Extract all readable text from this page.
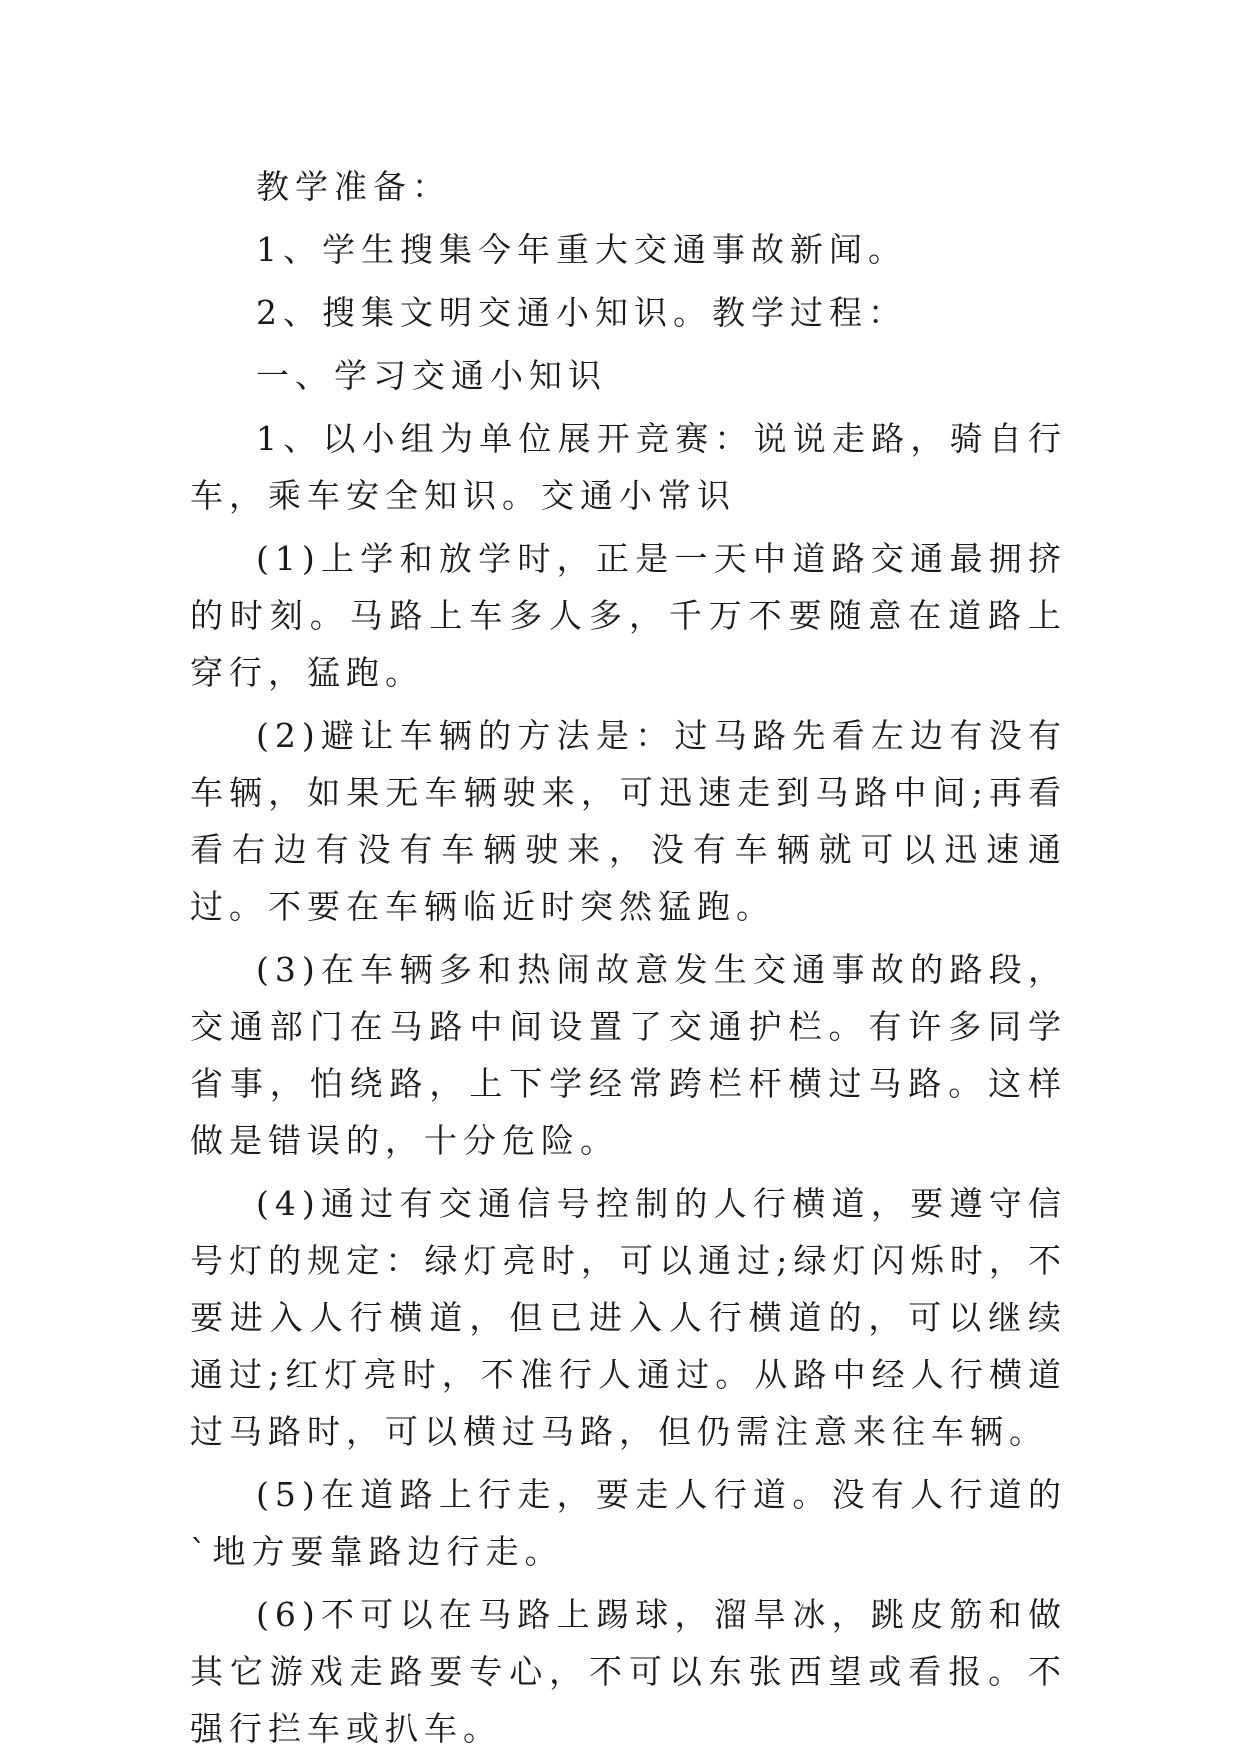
教学准备：

1、学生搜集今年重大交通事故新闻。

2、搜集文明交通小知识。教学过程：

一、学习交通小知识

1、以小组为单位展开竞赛：说说走路，骑自行车，乘车安全知识。交通小常识

(1)上学和放学时，正是一天中道路交通最拥挤的时刻。马路上车多人多，千万不要随意在道路上穿行，猛跑。

(2)避让车辆的方法是：过马路先看左边有没有车辆，如果无车辆驶来，可迅速走到马路中间;再看看右边有没有车辆驶来，没有车辆就可以迅速通过。不要在车辆临近时突然猛跑。

(3)在车辆多和热闹故意发生交通事故的路段，交通部门在马路中间设置了交通护栏。有许多同学省事，怕绕路，上下学经常跨栏杆横过马路。这样做是错误的，十分危险。

(4)通过有交通信号控制的人行横道，要遵守信号灯的规定：绿灯亮时，可以通过;绿灯闪烁时，不要进入人行横道，但已进入人行横道的，可以继续通过;红灯亮时，不准行人通过。从路中经人行横道过马路时，可以横过马路，但仍需注意来往车辆。

(5)在道路上行走，要走人行道。没有人行道的`地方要靠路边行走。

(6)不可以在马路上踢球，溜旱冰，跳皮筋和做其它游戏走路要专心，不可以东张西望或看报。不强行拦车或扒车。
